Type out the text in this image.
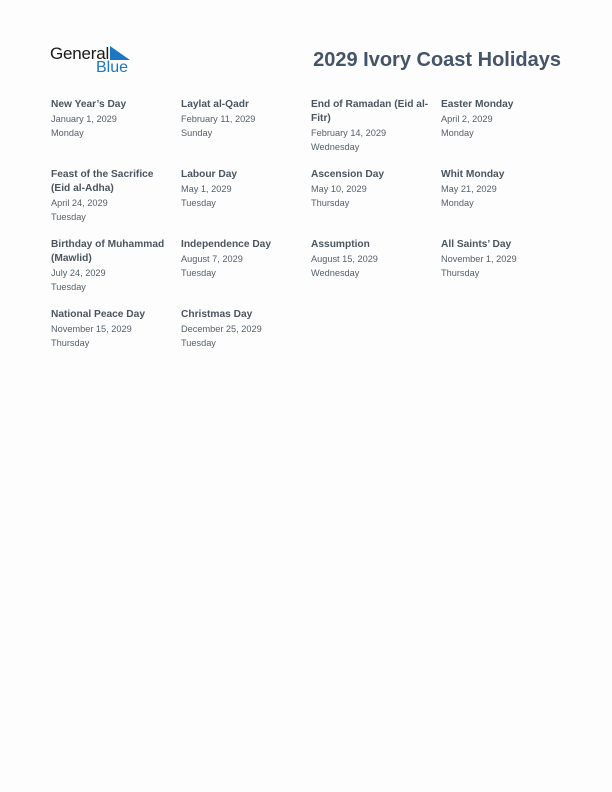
General
Blue	2029 Ivory Coast Holidays
New Year’s Day
January 1, 2029
Monday
Laylat al-Qadr
February 11, 2029
Sunday
End of Ramadan (Eid al-Fitr)
February 14, 2029
Wednesday
Easter Monday
April 2, 2029
Monday
Feast of the Sacrifice (Eid al-Adha)
April 24, 2029
Tuesday
Labour Day
May 1, 2029
Tuesday
Ascension Day
May 10, 2029
Thursday
Whit Monday
May 21, 2029
Monday
Birthday of Muhammad (Mawlid)
July 24, 2029
Tuesday
Independence Day
August 7, 2029
Tuesday
Assumption
August 15, 2029
Wednesday
All Saints’ Day
November 1, 2029
Thursday
National Peace Day
November 15, 2029
Thursday
Christmas Day
December 25, 2029
Tuesday
